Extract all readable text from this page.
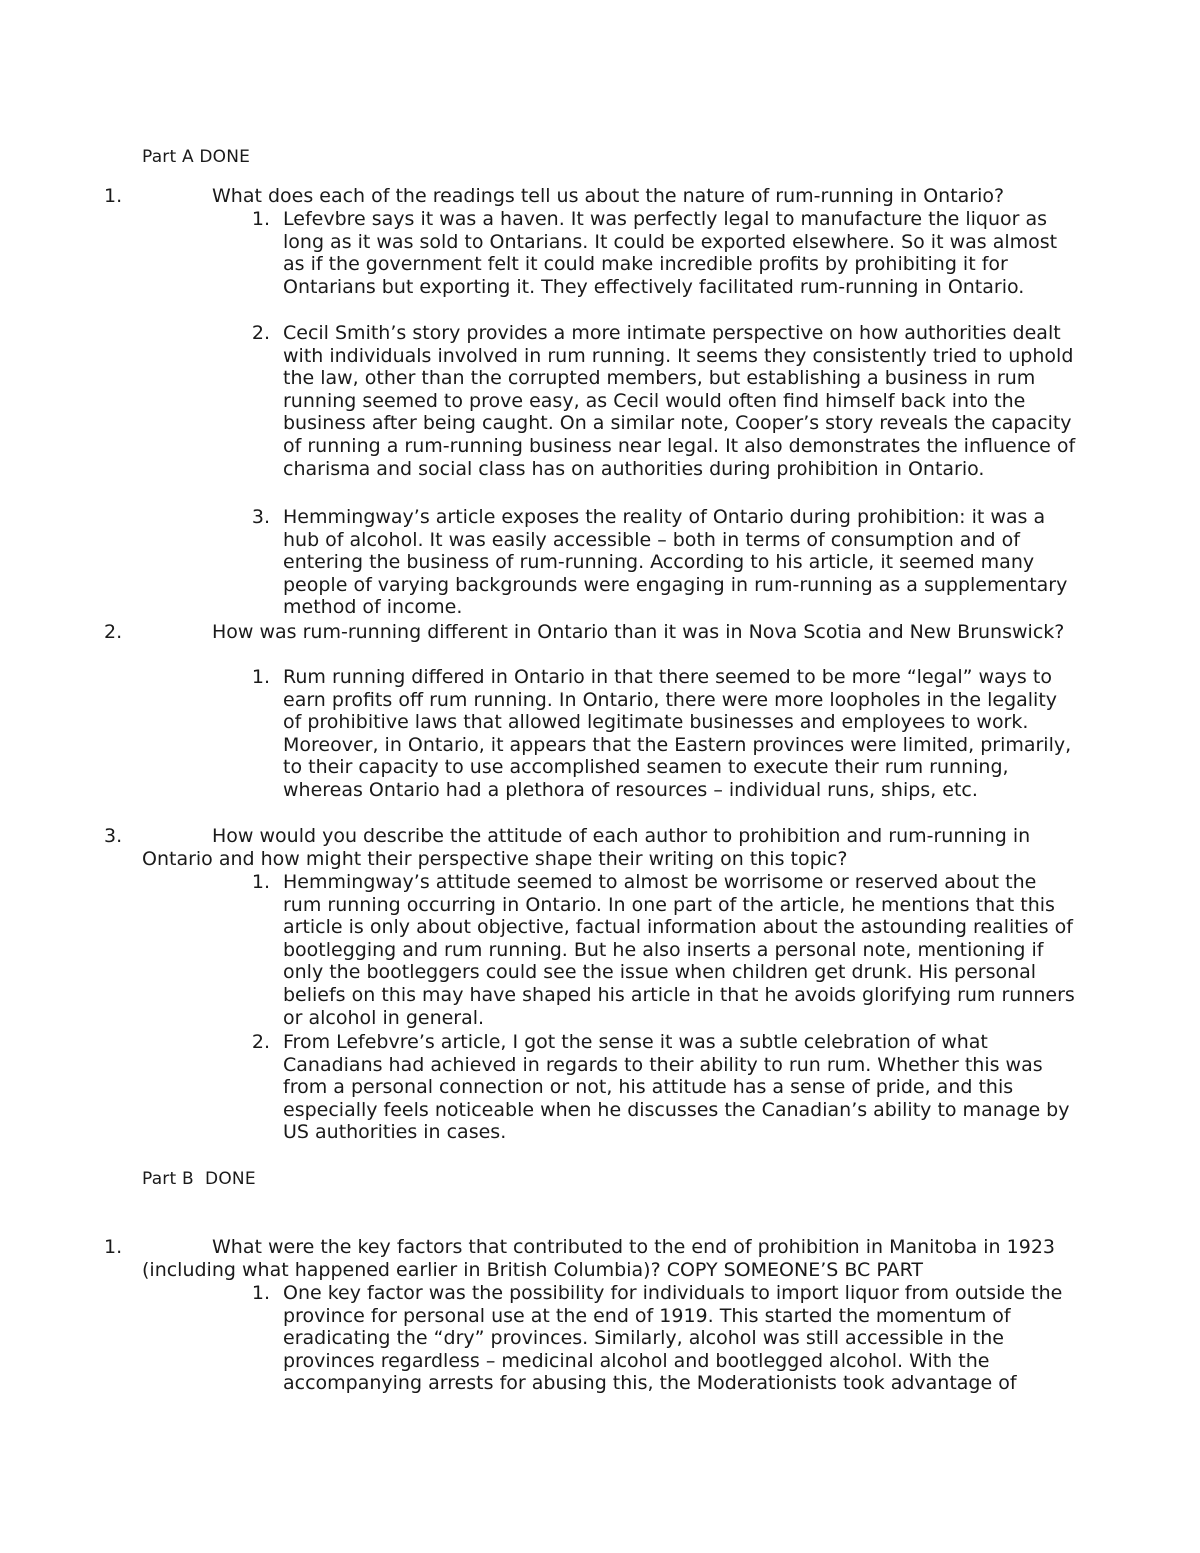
Part A DONE
1.	What does each of the readings tell us about the nature of rum-running in Ontario?
1. Lefevbre says it was a haven. It was perfectly legal to manufacture the liquor as long as it was sold to Ontarians. It could be exported elsewhere. So it was almost as if the government felt it could make incredible profits by prohibiting it for Ontarians but exporting it. They effectively facilitated rum-running in Ontario.
2. Cecil Smith’s story provides a more intimate perspective on how authorities dealt with individuals involved in rum running. It seems they consistently tried to uphold the law, other than the corrupted members, but establishing a business in rum running seemed to prove easy, as Cecil would often find himself back into the business after being caught. On a similar note, Cooper’s story reveals the capacity of running a rum-running business near legal. It also demonstrates the influence of charisma and social class has on authorities during prohibition in Ontario.
3. Hemmingway’s article exposes the reality of Ontario during prohibition: it was a hub of alcohol. It was easily accessible – both in terms of consumption and of entering the business of rum-running. According to his article, it seemed many people of varying backgrounds were engaging in rum-running as a supplementary method of income.
2.	How was rum-running different in Ontario than it was in Nova Scotia and New Brunswick?
1. Rum running differed in Ontario in that there seemed to be more “legal” ways to earn profits off rum running. In Ontario, there were more loopholes in the legality of prohibitive laws that allowed legitimate businesses and employees to work. Moreover, in Ontario, it appears that the Eastern provinces were limited, primarily, to their capacity to use accomplished seamen to execute their rum running, whereas Ontario had a plethora of resources – individual runs, ships, etc.
3.	How would you describe the attitude of each author to prohibition and rum-running in Ontario and how might their perspective shape their writing on this topic?
1. Hemmingway’s attitude seemed to almost be worrisome or reserved about the rum running occurring in Ontario. In one part of the article, he mentions that this article is only about objective, factual information about the astounding realities of bootlegging and rum running. But he also inserts a personal note, mentioning if only the bootleggers could see the issue when children get drunk. His personal beliefs on this may have shaped his article in that he avoids glorifying rum runners or alcohol in general.
2. From Lefebvre’s article, I got the sense it was a subtle celebration of what Canadians had achieved in regards to their ability to run rum. Whether this was from a personal connection or not, his attitude has a sense of pride, and this especially feels noticeable when he discusses the Canadian’s ability to manage by US authorities in cases.
Part B  DONE
1.	What were the key factors that contributed to the end of prohibition in Manitoba in 1923 (including what happened earlier in British Columbia)? COPY SOMEONE’S BC PART
1. One key factor was the possibility for individuals to import liquor from outside the province for personal use at the end of 1919. This started the momentum of eradicating the “dry” provinces. Similarly, alcohol was still accessible in the provinces regardless – medicinal alcohol and bootlegged alcohol. With the accompanying arrests for abusing this, the Moderationists took advantage of
